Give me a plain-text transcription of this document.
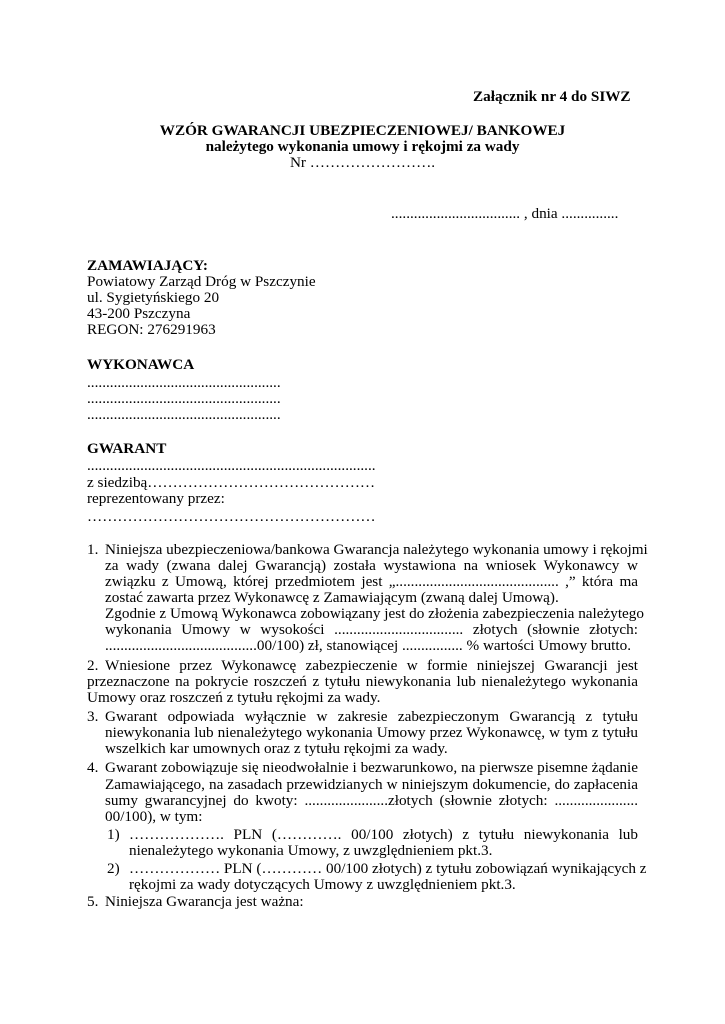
Załącznik nr 4 do SIWZ
WZÓR GWARANCJI UBEZPIECZENIOWEJ/ BANKOWEJ
należytego wykonania umowy i rękojmi za wady
Nr …………………….
.................................. , dnia ...............
ZAMAWIAJĄCY:
Powiatowy Zarząd Dróg w Pszczynie
ul. Sygietyńskiego 20
43-200 Pszczyna
REGON: 276291963
WYKONAWCA
...................................................
...................................................
...................................................
GWARANT
............................................................................
z siedzibą………………………………………
reprezentowany przez:
…………………………………………………
1. Niniejsza ubezpieczeniowa/bankowa Gwarancja należytego wykonania umowy i rękojmi
za wady (zwana dalej Gwarancją) została wystawiona na wniosek Wykonawcy w
związku z Umową, której przedmiotem jest „........................................... ,” która ma
zostać zawarta przez Wykonawcę z Zamawiającym (zwaną dalej Umową).
Zgodnie z Umową Wykonawca zobowiązany jest do złożenia zabezpieczenia należytego
wykonania Umowy w wysokości .................................. złotych (słownie złotych:
........................................00/100) zł, stanowiącej ................ % wartości Umowy brutto.
2. Wniesione przez Wykonawcę zabezpieczenie w formie niniejszej Gwarancji jest
przeznaczone na pokrycie roszczeń z tytułu niewykonania lub nienależytego wykonania
Umowy oraz roszczeń z tytułu rękojmi za wady.
3. Gwarant odpowiada wyłącznie w zakresie zabezpieczonym Gwarancją z tytułu
niewykonania lub nienależytego wykonania Umowy przez Wykonawcę, w tym z tytułu
wszelkich kar umownych oraz z tytułu rękojmi za wady.
4. Gwarant zobowiązuje się nieodwołalnie i bezwarunkowo, na pierwsze pisemne żądanie
Zamawiającego, na zasadach przewidzianych w niniejszym dokumencie, do zapłacenia
sumy gwarancyjnej do kwoty: ......................złotych (słownie złotych: ......................
00/100), w tym:
1) ………………. PLN (…………. 00/100 złotych) z tytułu niewykonania lub
nienależytego wykonania Umowy, z uwzględnieniem pkt.3.
2) ……………… PLN (………… 00/100 złotych) z tytułu zobowiązań wynikających z
rękojmi za wady dotyczących Umowy z uwzględnieniem pkt.3.
5. Niniejsza Gwarancja jest ważna:
